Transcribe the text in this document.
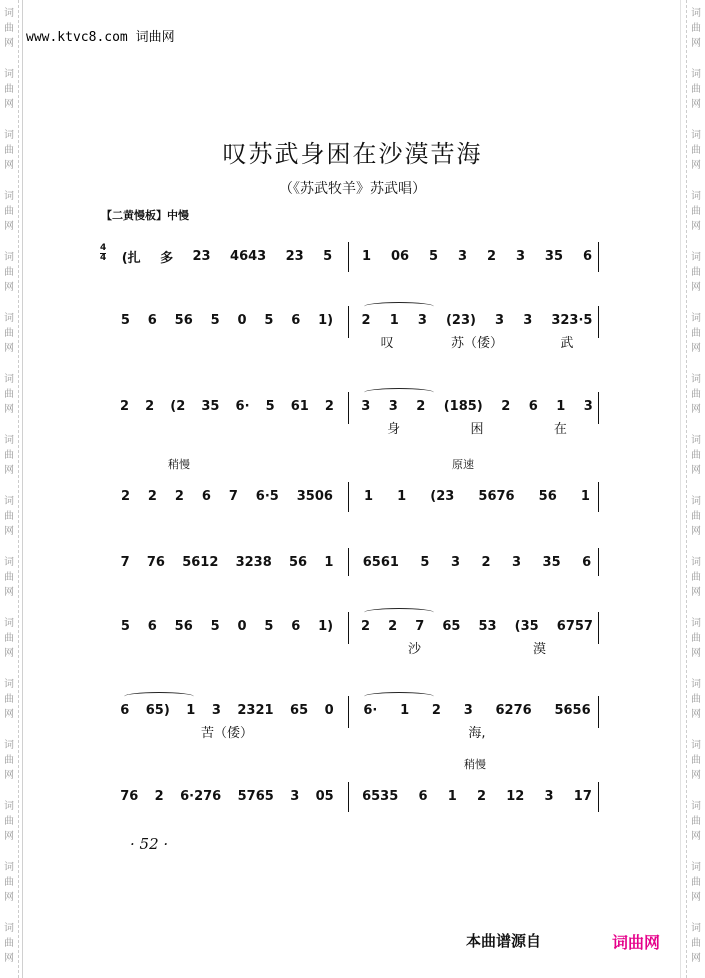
词
曲
网
词
曲
网
词
曲
网
词
曲
网
词
曲
网
词
曲
网
词
曲
网
词
曲
网
词
曲
网
词
曲
网
词
曲
网
词
曲
网
词
曲
网
词
曲
网
词
曲
网
词
曲
网
词
曲
网
词
曲
网
词
曲
网
词
曲
网
词
曲
网
词
曲
网
词
曲
网
词
曲
网
词
曲
网
词
曲
网
词
曲
网
词
曲
网
词
曲
网
词
曲
网
词
曲
网
词
曲
网
www.ktvc8.com 词曲网
叹苏武身困在沙漠苦海
（《苏武牧羊》苏武唱）
【二黄慢板】中慢
4
4 (扎 多 23 4643 23 5 1 06 5 3 2 3 35 6
5 6 56 5 0 5 6 1) 2 1 3 (23) 3 3 323·5
叹	苏（倭）	武
2 2 (2 35 6· 5 61 2 3 3 2 (185) 2 6 1 3
身	困	在
2 2 2 6 7 6·5 3506 1 1 (23 5676 56 1
稍慢	原速
7 76 5612 3238 56 1 6561 5 3 2 3 35 6
5 6 56 5 0 5 6 1) 2 2 7 65 53 (35 6757
沙	漠
6 65) 1 3 2321 65 0
苦（倭）
6· 1 2 3 6276 5656
海,
76 2 6·276 5765 3 05 6535 6 1 2 12 3 17
稍慢
· 52 ·
本曲谱源自	词曲网
